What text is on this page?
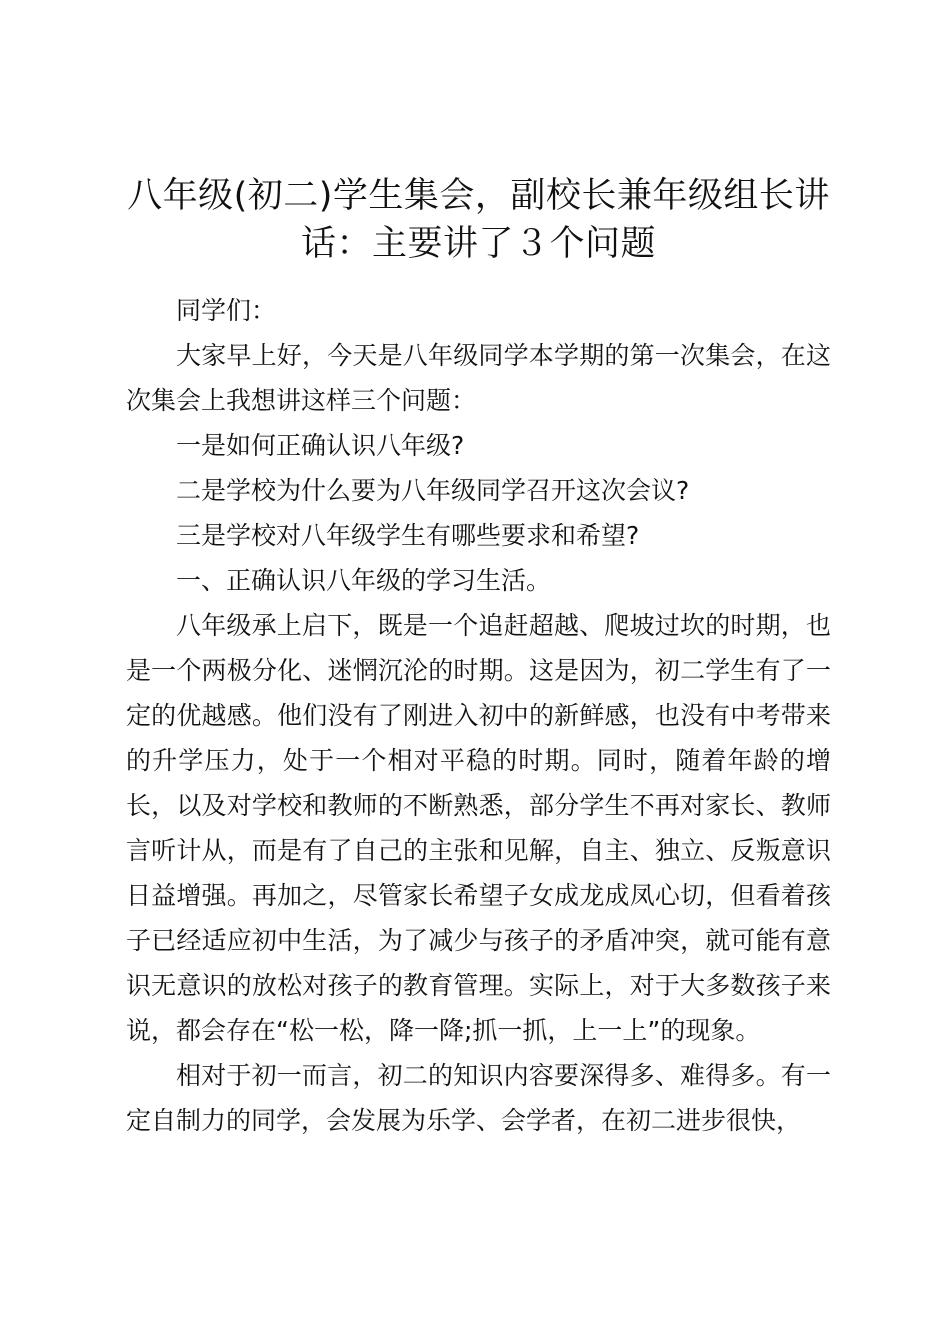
八年级(初二)学生集会，副校长兼年级组长讲
话：主要讲了３个问题

同学们：

大家早上好，今天是八年级同学本学期的第一次集会，在这次集会上我想讲这样三个问题：

一是如何正确认识八年级?

二是学校为什么要为八年级同学召开这次会议?

三是学校对八年级学生有哪些要求和希望?

一、正确认识八年级的学习生活。

八年级承上启下，既是一个追赶超越、爬坡过坎的时期，也是一个两极分化、迷惘沉沦的时期。这是因为，初二学生有了一定的优越感。他们没有了刚进入初中的新鲜感，也没有中考带来的升学压力，处于一个相对平稳的时期。同时，随着年龄的增长，以及对学校和教师的不断熟悉，部分学生不再对家长、教师言听计从，而是有了自己的主张和见解，自主、独立、反叛意识日益增强。再加之，尽管家长希望子女成龙成凤心切，但看着孩子已经适应初中生活，为了减少与孩子的矛盾冲突，就可能有意识无意识的放松对孩子的教育管理。实际上，对于大多数孩子来说，都会存在“松一松，降一降;抓一抓，上一上”的现象。

相对于初一而言，初二的知识内容要深得多、难得多。有一定自制力的同学，会发展为乐学、会学者，在初二进步很快，
